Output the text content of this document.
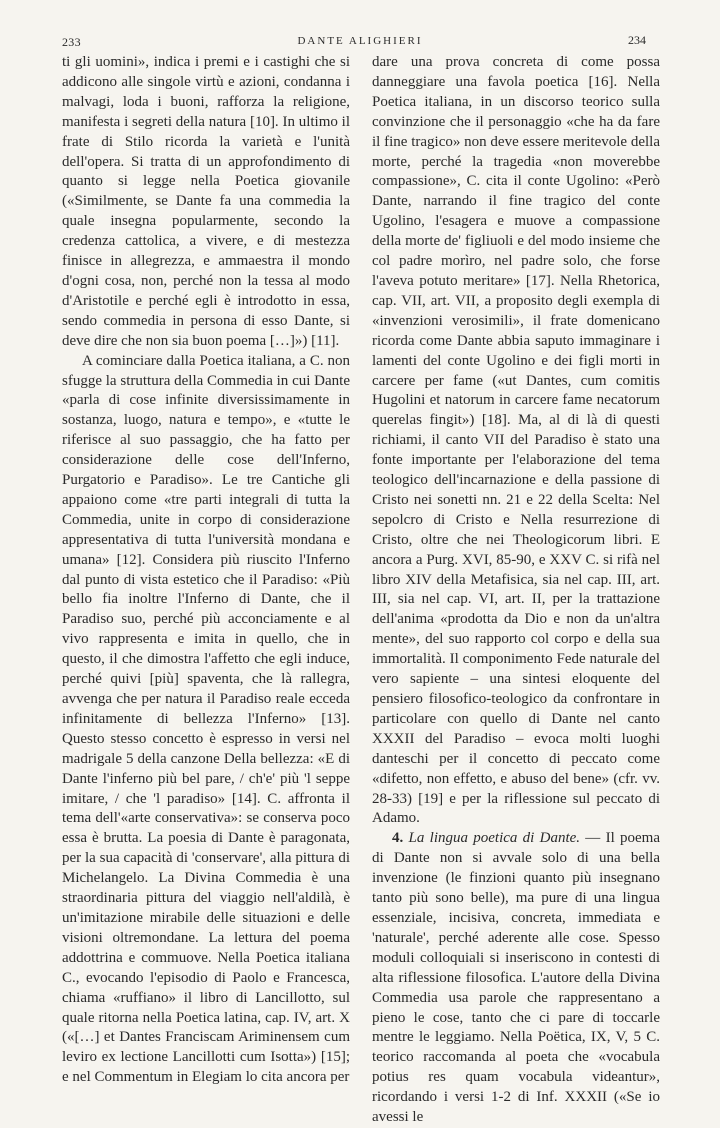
233	DANTE ALIGHIERI	234

ti gli uomini», indica i premi e i castighi che si addicono alle singole virtù e azioni, condanna i malvagi, loda i buoni, rafforza la religione, manifesta i segreti della natura [10]. In ultimo il frate di Stilo ricorda la varietà e l'unità dell'opera. Si tratta di un approfondimento di quanto si legge nella Poetica giovanile («Similmente, se Dante fa una commedia la quale insegna popularmente, secondo la credenza cattolica, a vivere, e di mestezza finisce in allegrezza, e ammaestra il mondo d'ogni cosa, non, perché non la tessa al modo d'Aristotile e perché egli è introdotto in essa, sendo commedia in persona di esso Dante, si deve dire che non sia buon poema […]») [11].

A cominciare dalla Poetica italiana, a C. non sfugge la struttura della Commedia in cui Dante «parla di cose infinite diversissimamente in sostanza, luogo, natura e tempo», e «tutte le riferisce al suo passaggio, che ha fatto per considerazione delle cose dell'Inferno, Purgatorio e Paradiso». Le tre Cantiche gli appaiono come «tre parti integrali di tutta la Commedia, unite in corpo di considerazione appresentativa di tutta l'università mondana e umana» [12]. Considera più riuscito l'Inferno dal punto di vista estetico che il Paradiso: «Più bello fia inoltre l'Inferno di Dante, che il Paradiso suo, perché più acconciamente e al vivo rappresenta e imita in quello, che in questo, il che dimostra l'affetto che egli induce, perché quivi [più] spaventa, che là rallegra, avvenga che per natura il Paradiso reale ecceda infinitamente di bellezza l'Inferno» [13]. Questo stesso concetto è espresso in versi nel madrigale 5 della canzone Della bellezza: «E di Dante l'inferno più bel pare, / ch'e' più 'l seppe imitare, / che 'l paradiso» [14]. C. affronta il tema dell'«arte conservativa»: se conserva poco essa è brutta. La poesia di Dante è paragonata, per la sua capacità di 'conservare', alla pittura di Michelangelo. La Divina Commedia è una straordinaria pittura del viaggio nell'aldilà, è un'imitazione mirabile delle situazioni e delle visioni oltremondane. La lettura del poema addottrina e commuove. Nella Poetica italiana C., evocando l'episodio di Paolo e Francesca, chiama «ruffiano» il libro di Lancillotto, sul quale ritorna nella Poetica latina, cap. IV, art. X («[…] et Dantes Franciscam Ariminensem cum leviro ex lectione Lancillotti cum Isotta») [15]; e nel Commentum in Elegiam lo cita ancora per

dare una prova concreta di come possa danneggiare una favola poetica [16]. Nella Poetica italiana, in un discorso teorico sulla convinzione che il personaggio «che ha da fare il fine tragico» non deve essere meritevole della morte, perché la tragedia «non moverebbe compassione», C. cita il conte Ugolino: «Però Dante, narrando il fine tragico del conte Ugolino, l'esagera e muove a compassione della morte de' figliuoli e del modo insieme che col padre morìro, nel padre solo, che forse l'aveva potuto meritare» [17]. Nella Rhetorica, cap. VII, art. VII, a proposito degli exempla di «invenzioni verosimili», il frate domenicano ricorda come Dante abbia saputo immaginare i lamenti del conte Ugolino e dei figli morti in carcere per fame («ut Dantes, cum comitis Hugolini et natorum in carcere fame necatorum querelas fingit») [18]. Ma, al di là di questi richiami, il canto VII del Paradiso è stato una fonte importante per l'elaborazione del tema teologico dell'incarnazione e della passione di Cristo nei sonetti nn. 21 e 22 della Scelta: Nel sepolcro di Cristo e Nella resurrezione di Cristo, oltre che nei Theologicorum libri. E ancora a Purg. XVI, 85-90, e XXV C. si rifà nel libro XIV della Metafisica, sia nel cap. III, art. III, sia nel cap. VI, art. II, per la trattazione dell'anima «prodotta da Dio e non da un'altra mente», del suo rapporto col corpo e della sua immortalità. Il componimento Fede naturale del vero sapiente – una sintesi eloquente del pensiero filosofico-teologico da confrontare in particolare con quello di Dante nel canto XXXII del Paradiso – evoca molti luoghi danteschi per il concetto di peccato come «difetto, non effetto, e abuso del bene» (cfr. vv. 28-33) [19] e per la riflessione sul peccato di Adamo.

4. La lingua poetica di Dante. — Il poema di Dante non si avvale solo di una bella invenzione (le finzioni quanto più insegnano tanto più sono belle), ma pure di una lingua essenziale, incisiva, concreta, immediata e 'naturale', perché aderente alle cose. Spesso moduli colloquiali si inseriscono in contesti di alta riflessione filosofica. L'autore della Divina Commedia usa parole che rappresentano a pieno le cose, tanto che ci pare di toccarle mentre le leggiamo. Nella Poëtica, IX, V, 5 C. teorico raccomanda al poeta che «vocabula potius res quam vocabula videantur», ricordando i versi 1-2 di Inf. XXXII («Se io avessi le
